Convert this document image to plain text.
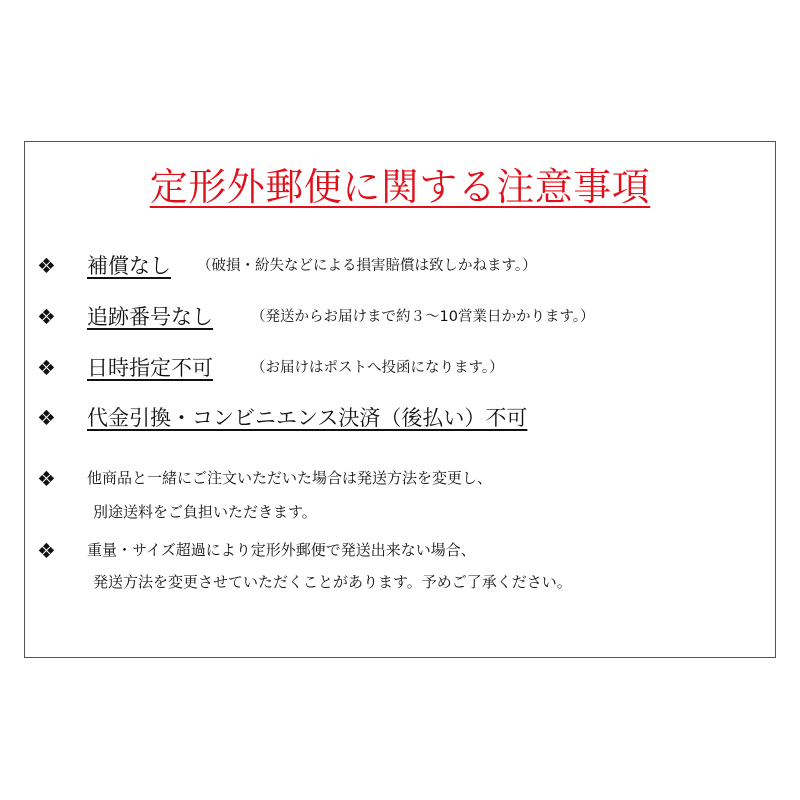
定形外郵便に関する注意事項
❖ 補償なし （破損・紛失などによる損害賠償は致しかねます。）
❖ 追跡番号なし	（発送からお届けまで約３～10営業日かかります。）
❖ 日時指定不可	（お届けはポストへ投函になります。）
❖ 代金引換・コンビニエンス決済（後払い）不可
❖ 他商品と一緒にご注文いただいた場合は発送方法を変更し、
別途送料をご負担いただきます。
❖ 重量・サイズ超過により定形外郵便で発送出来ない場合、
発送方法を変更させていただくことがあります。予めご了承ください。
